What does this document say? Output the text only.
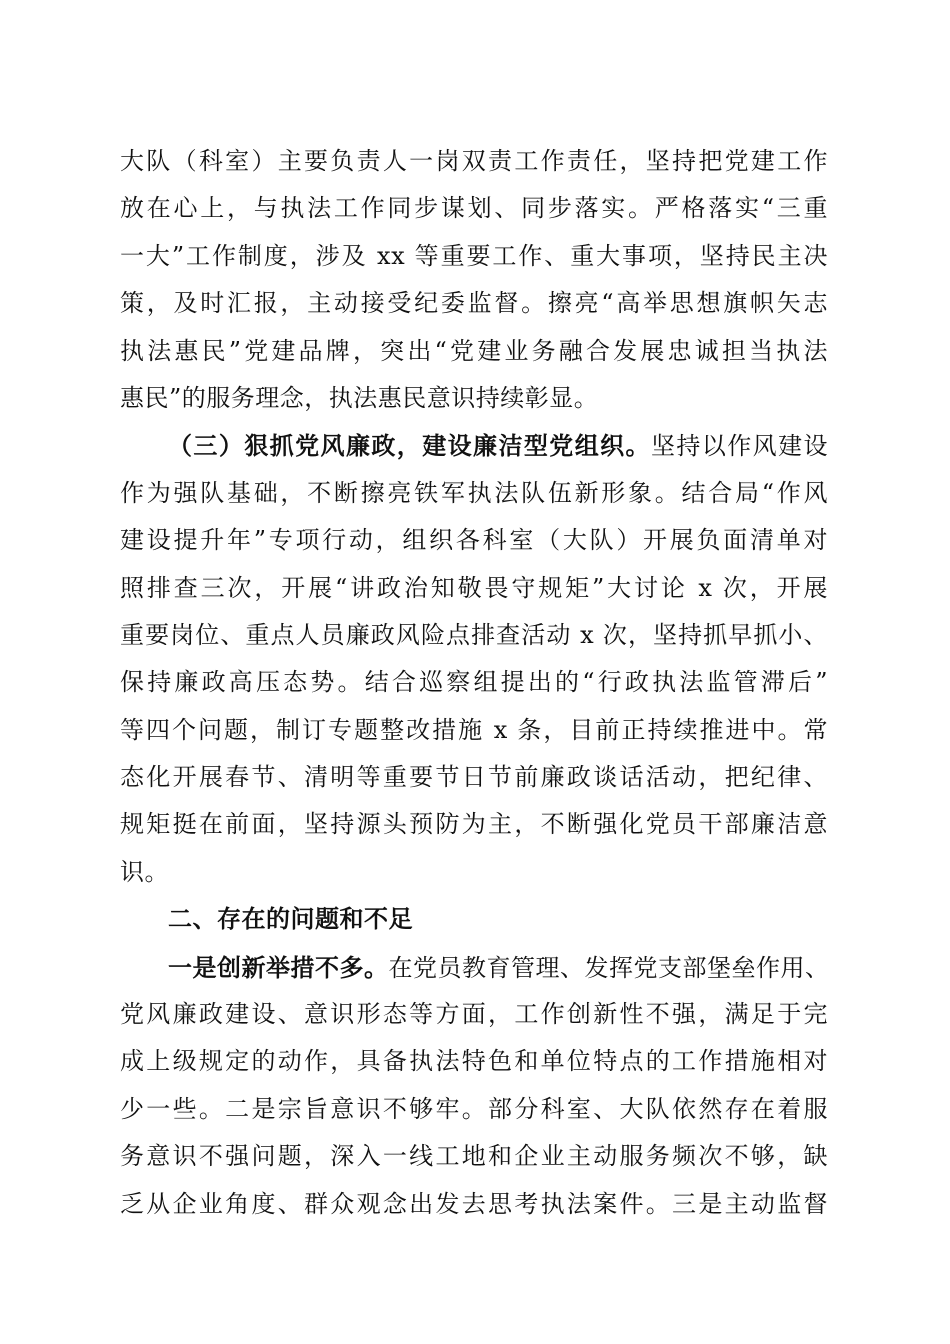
大队（科室）主要负责人一岗双责工作责任，坚持把党建工作
放在心上，与执法工作同步谋划、同步落实。严格落实“三重
一大”工作制度，涉及 xx 等重要工作、重大事项，坚持民主决
策，及时汇报，主动接受纪委监督。擦亮“高举思想旗帜矢志
执法惠民”党建品牌，突出“党建业务融合发展忠诚担当执法
惠民”的服务理念，执法惠民意识持续彰显。
（三）狠抓党风廉政，建设廉洁型党组织。坚持以作风建设
作为强队基础，不断擦亮铁军执法队伍新形象。结合局“作风
建设提升年”专项行动，组织各科室（大队）开展负面清单对
照排查三次，开展“讲政治知敬畏守规矩”大讨论 x 次，开展
重要岗位、重点人员廉政风险点排查活动 x 次，坚持抓早抓小、
保持廉政高压态势。结合巡察组提出的“行政执法监管滞后”
等四个问题，制订专题整改措施 x 条，目前正持续推进中。常
态化开展春节、清明等重要节日节前廉政谈话活动，把纪律、
规矩挺在前面，坚持源头预防为主，不断强化党员干部廉洁意
识。
二、存在的问题和不足
一是创新举措不多。在党员教育管理、发挥党支部堡垒作用、
党风廉政建设、意识形态等方面，工作创新性不强，满足于完
成上级规定的动作，具备执法特色和单位特点的工作措施相对
少一些。二是宗旨意识不够牢。部分科室、大队依然存在着服
务意识不强问题，深入一线工地和企业主动服务频次不够，缺
乏从企业角度、群众观念出发去思考执法案件。三是主动监督
